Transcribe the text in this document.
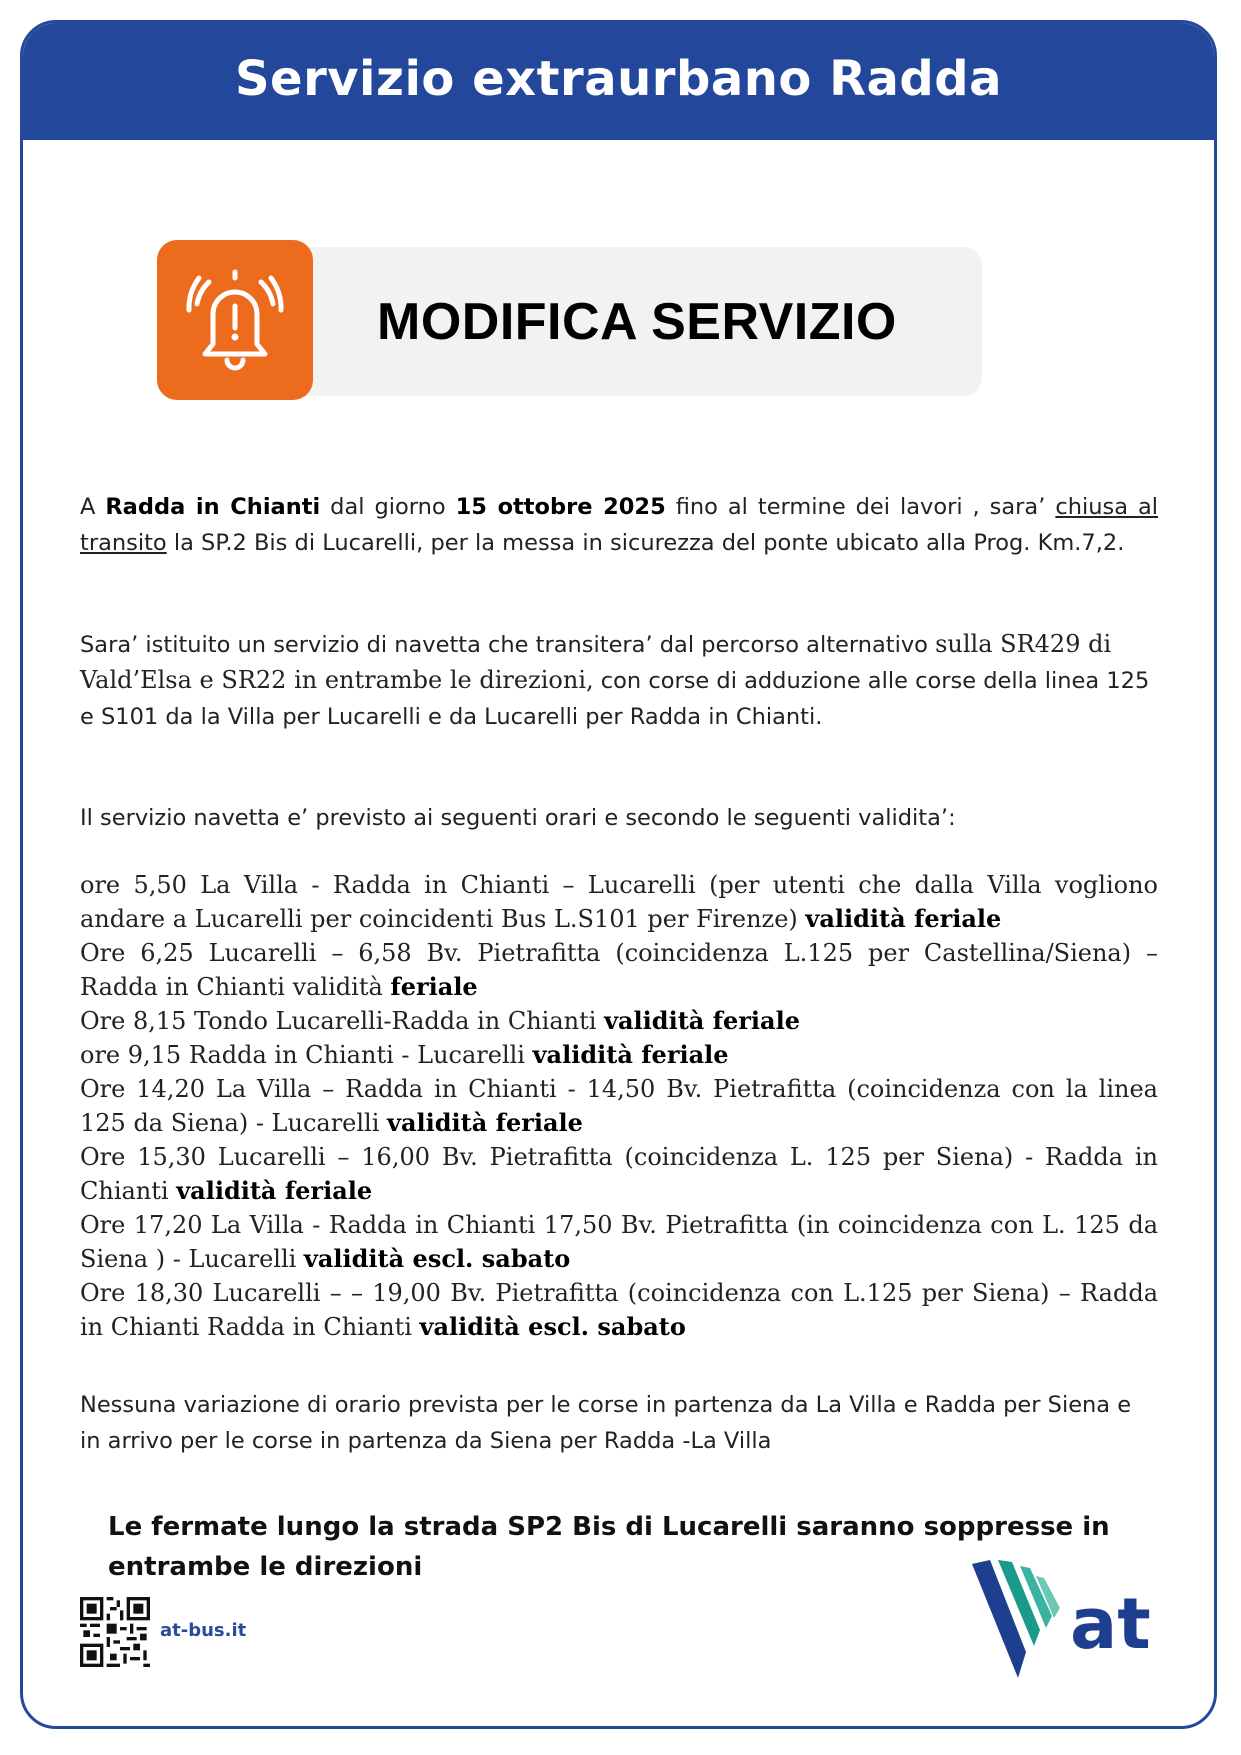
Servizio extraurbano Radda
MODIFICA SERVIZIO
A Radda in Chianti dal giorno 15 ottobre 2025 fino al termine dei lavori , sara’ chiusa al transito la SP.2 Bis di Lucarelli, per la messa in sicurezza del ponte ubicato alla Prog. Km.7,2.
Sara’ istituito un servizio di navetta che transitera’ dal percorso alternativo sulla SR429 di Vald’Elsa e SR22 in entrambe le direzioni, con corse di adduzione alle corse della linea 125 e S101 da la Villa per Lucarelli e da Lucarelli per Radda in Chianti.
Il servizio navetta e’ previsto ai seguenti orari e secondo le seguenti validita’:

ore 5,50 La Villa - Radda in Chianti – Lucarelli (per utenti che dalla Villa vogliono andare a Lucarelli per coincidenti Bus L.S101 per Firenze) validità feriale

Ore 6,25 Lucarelli – 6,58 Bv. Pietrafitta (coincidenza L.125 per Castellina/Siena) – Radda in Chianti validità feriale

Ore 8,15 Tondo Lucarelli-Radda in Chianti validità feriale

ore 9,15 Radda in Chianti - Lucarelli validità feriale

Ore 14,20 La Villa – Radda in Chianti - 14,50 Bv. Pietrafitta (coincidenza con la linea 125 da Siena) - Lucarelli validità feriale

Ore 15,30 Lucarelli – 16,00 Bv. Pietrafitta (coincidenza L. 125 per Siena) - Radda in Chianti validità feriale

Ore 17,20 La Villa - Radda in Chianti 17,50 Bv. Pietrafitta (in coincidenza con L. 125 da Siena ) - Lucarelli validità escl. sabato

Ore 18,30 Lucarelli – – 19,00 Bv. Pietrafitta (coincidenza con L.125 per Siena) – Radda in Chianti Radda in Chianti validità escl. sabato

Nessuna variazione di orario prevista per le corse in partenza da La Villa e Radda per Siena e in arrivo per le corse in partenza da Siena per Radda -La Villa
Le fermate lungo la strada SP2 Bis di Lucarelli saranno soppresse in entrambe le direzioni
at-bus.it	at
